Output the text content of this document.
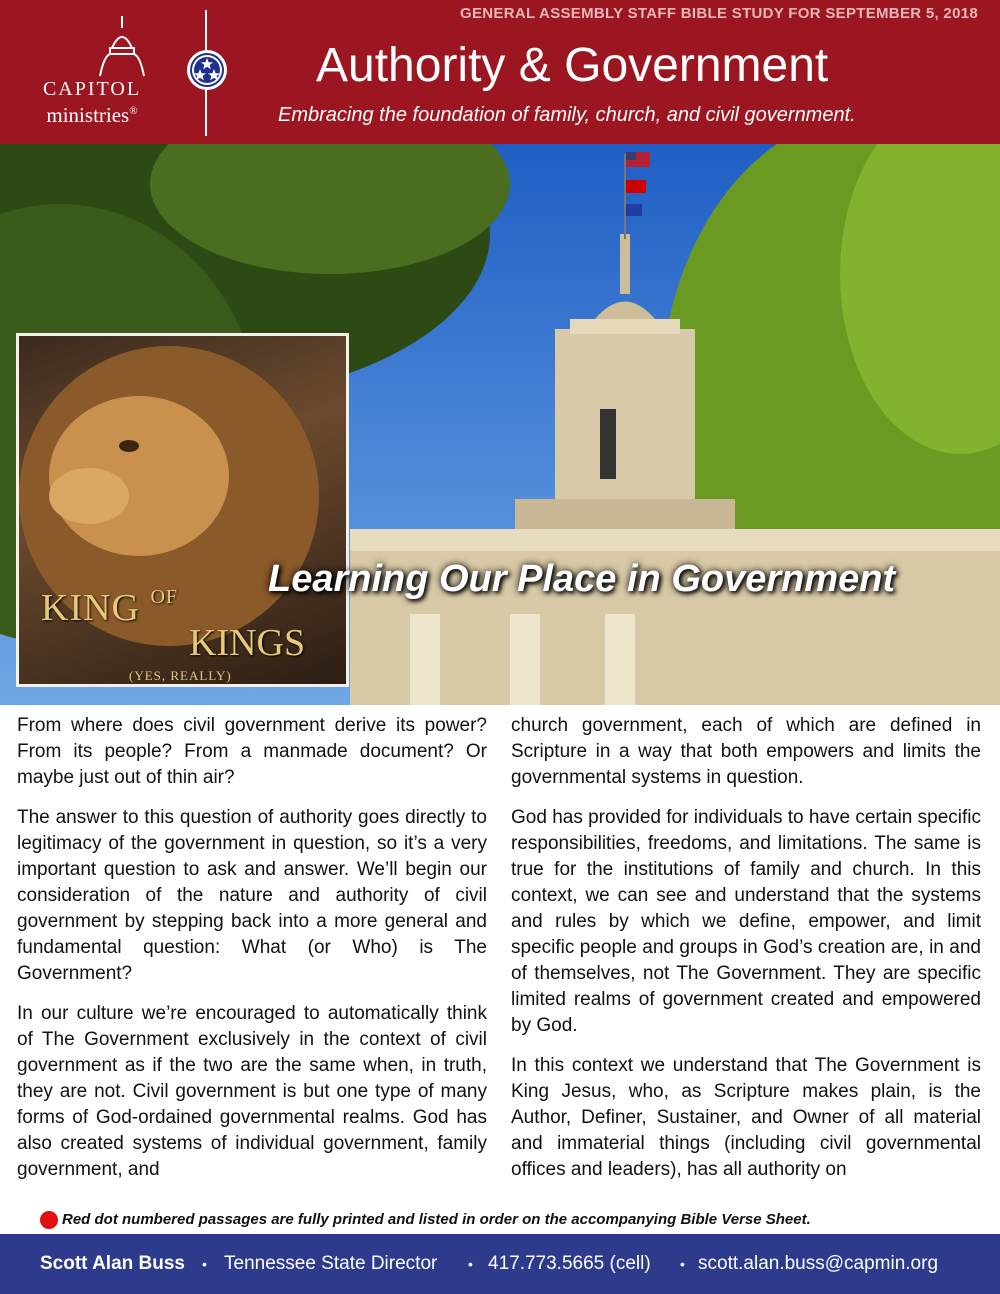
CAPITOL
ministries®
GENERAL ASSEMBLY STAFF BIBLE STUDY FOR SEPTEMBER 5, 2018
Authority & Government
Embracing the foundation of family, church, and civil government.
KING $^{OF}$
KINGS
(YES, REALLY)
Learning Our Place in Government

From where does civil government derive its power? From its people? From a manmade document? Or maybe just out of thin air?

The answer to this question of authority goes directly to legitimacy of the government in question, so it’s a very important question to ask and answer. We’ll begin our consideration of the nature and authority of civil government by stepping back into a more general and fundamental question: What (or Who) is The Government?

In our culture we’re encouraged to automatically think of The Government exclusively in the context of civil government as if the two are the same when, in truth, they are not. Civil government is but one type of many forms of God-ordained governmental realms. God has also created systems of individual government, family government, and

church government, each of which are defined in Scripture in a way that both empowers and limits the governmental systems in question.

God has provided for individuals to have certain specific responsibilities, freedoms, and limitations. The same is true for the institutions of family and church. In this context, we can see and understand that the systems and rules by which we define, empower, and limit specific people and groups in God’s creation are, in and of themselves, not The Government. They are specific limited realms of government created and empowered by God.

In this context we understand that The Government is King Jesus, who, as Scripture makes plain, is the Author, Definer, Sustainer, and Owner of all material and immaterial things (including civil governmental offices and leaders), has all authority on

Red dot numbered passages are fully printed and listed in order on the accompanying Bible Verse Sheet.
Scott Alan Buss • Tennessee State Director • 417.773.5665 (cell) • scott.alan.buss@capmin.org
